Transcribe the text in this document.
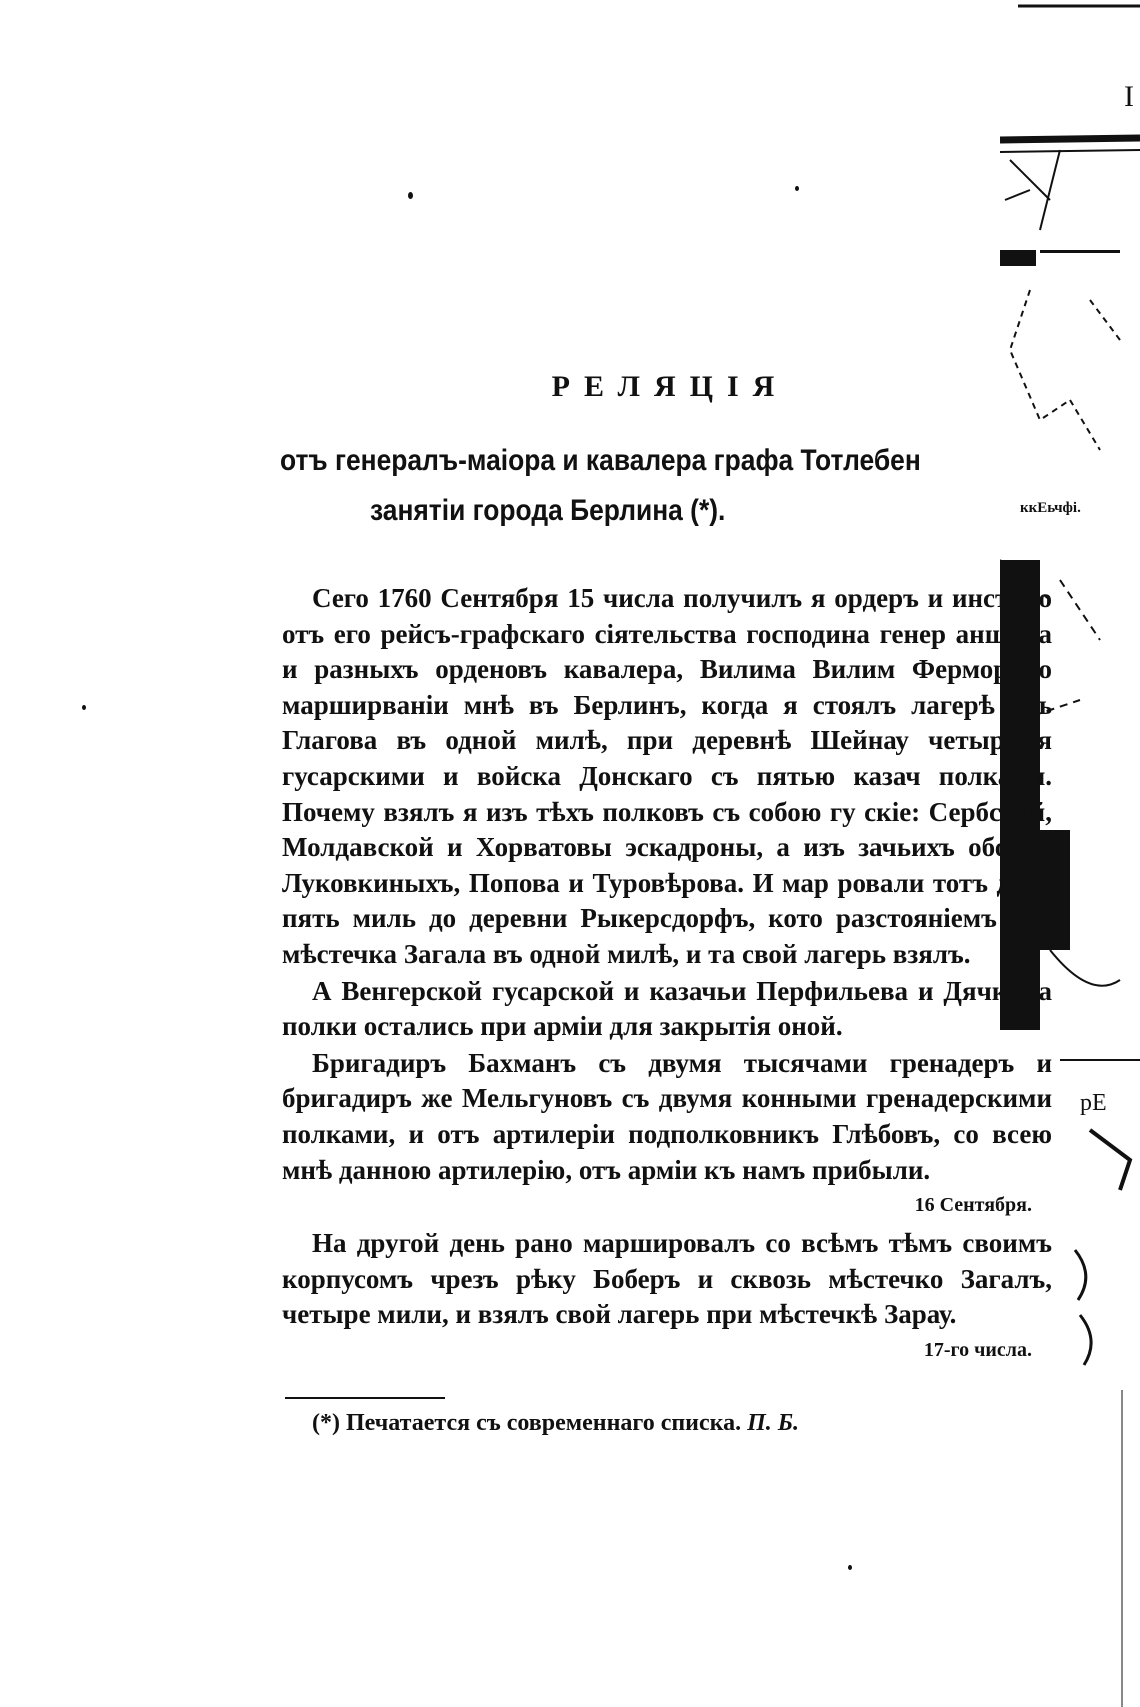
I
ккЕьчфі.
рЕ
РЕЛЯЦІЯ
отъ генералъ-маіора и кавалера графа Тотлебен
занятіи города Берлина (*).

Сего 1760 Сентября 15 числа получилъ я ордеръ и инстцію отъ его рейсъ-графскаго сіятельства господина генер аншефа и разныхъ орденовъ кавалера, Вилима Вилим Фермора о марширваніи мнѣ въ Берлинъ, когда я стоялъ лагерѣ отъ Глагова въ одной милѣ, при деревнѣ Шейнау четырьмя гусарскими и войска Донскаго съ пятью казач полками. Почему взялъ я изъ тѣхъ полковъ съ собою гу скіе: Сербской, Молдавской и Хорватовы эскадроны, а изъ зачьихъ обоихъ Луковкиныхъ, Попова и Туровѣрова. И мар ровали тотъ день пять миль до деревни Рыкерсдорфъ, кото разстояніемъ отъ мѣстечка Загала въ одной милѣ, и та свой лагерь взялъ.

А Венгерской гусарской и казачьи Перфильева и Дячкина полки остались при арміи для закрытія оной.

Бригадиръ Бахманъ съ двумя тысячами гренадеръ и бригадиръ же Мельгуновъ съ двумя конными гренадерскими полками, и отъ артилеріи подполковникъ Глѣбовъ, со всею мнѣ данною артилерію, отъ арміи къ намъ прибыли.

16 Сентября.

На другой день рано маршировалъ со всѣмъ тѣмъ своимъ корпусомъ чрезъ рѣку Боберъ и сквозь мѣстечко Загалъ, четыре мили, и взялъ свой лагерь при мѣстечкѣ Зарау.

17-го числа.
(*) Печатается съ современнаго списка. П. Б.
